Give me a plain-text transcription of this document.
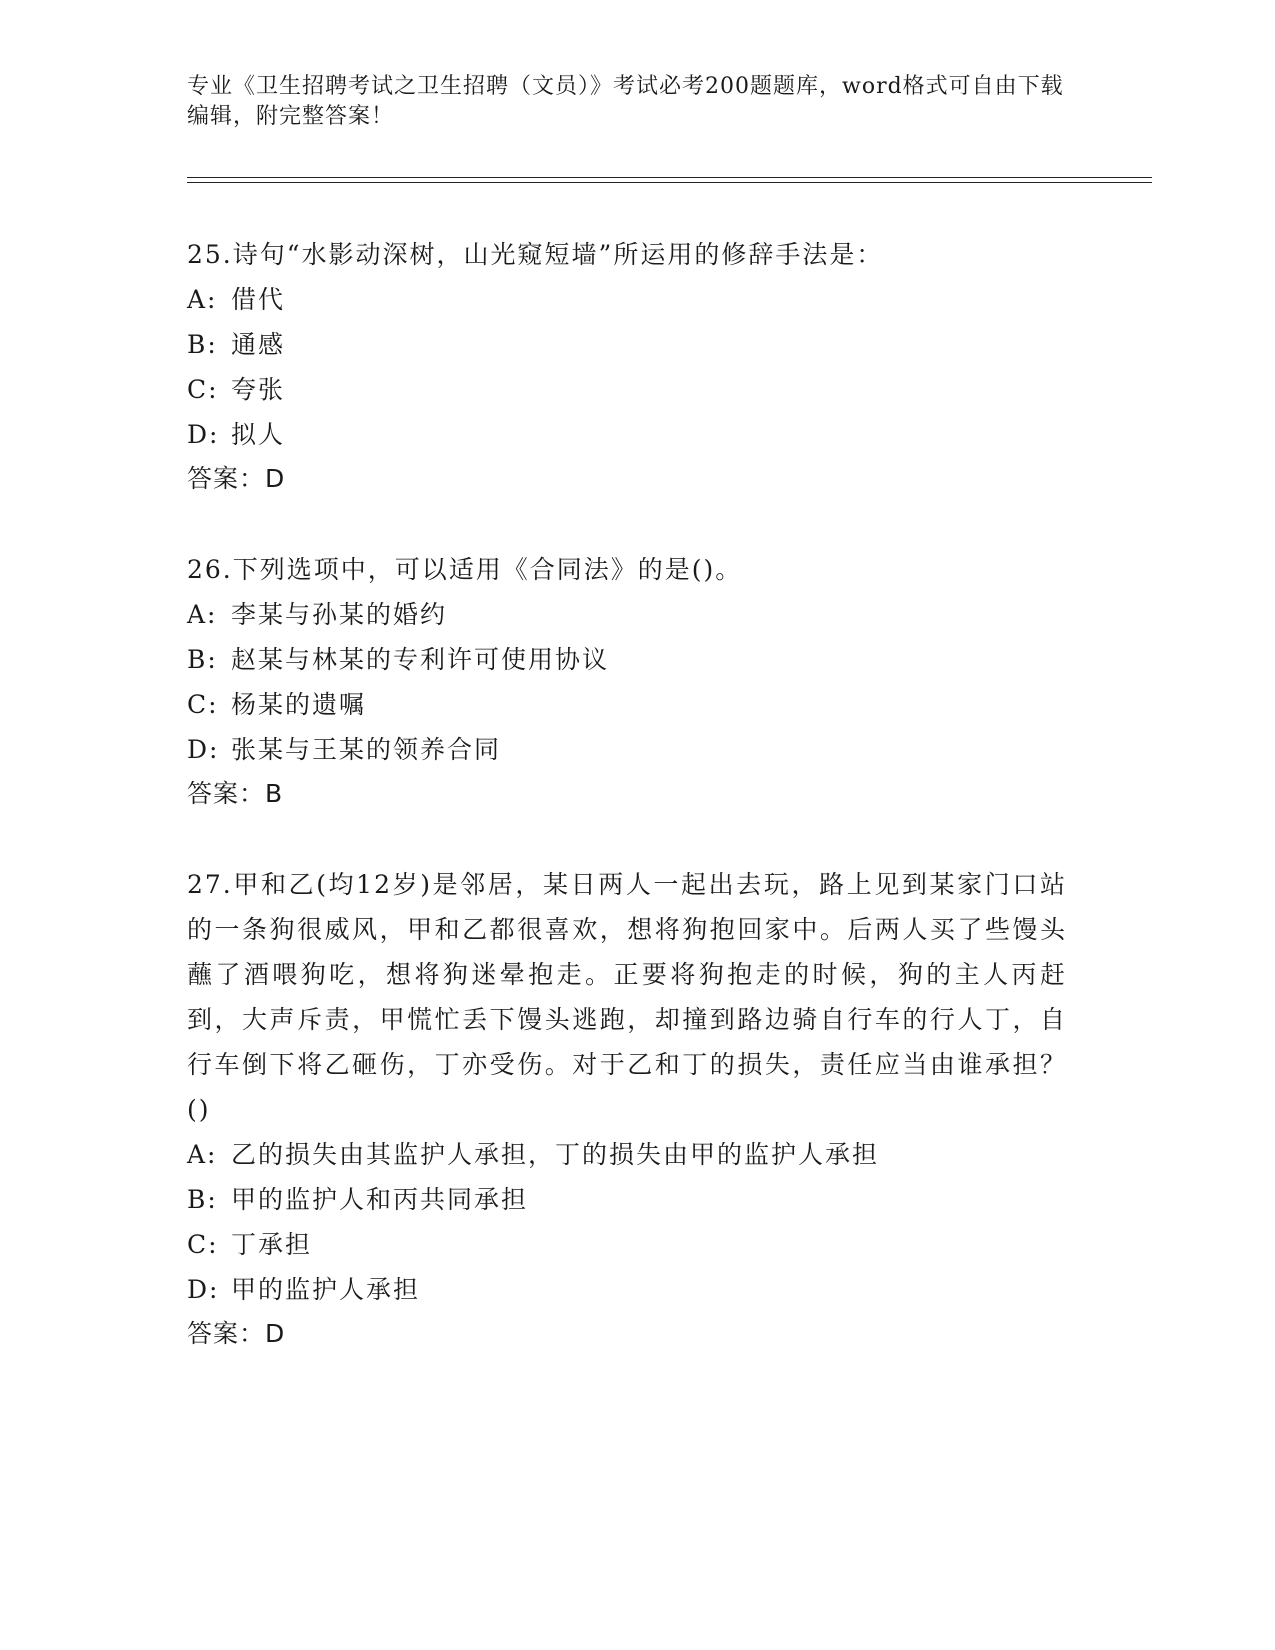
专业《卫生招聘考试之卫生招聘（文员）》考试必考200题题库，word格式可自由下载编辑，附完整答案！
25.诗句“水影动深树，山光窥短墙”所运用的修辞手法是：
A: 借代
B: 通感
C: 夸张
D: 拟人
答案：D
26.下列选项中，可以适用《合同法》的是()。
A: 李某与孙某的婚约
B: 赵某与林某的专利许可使用协议
C: 杨某的遗嘱
D: 张某与王某的领养合同
答案：B
27.甲和乙(均12岁)是邻居，某日两人一起出去玩，路上见到某家门口站的一条狗很威风，甲和乙都很喜欢，想将狗抱回家中。后两人买了些馒头蘸了酒喂狗吃，想将狗迷晕抱走。正要将狗抱走的时候，狗的主人丙赶到，大声斥责，甲慌忙丢下馒头逃跑，却撞到路边骑自行车的行人丁，自行车倒下将乙砸伤，丁亦受伤。对于乙和丁的损失，责任应当由谁承担？()
A: 乙的损失由其监护人承担，丁的损失由甲的监护人承担
B: 甲的监护人和丙共同承担
C: 丁承担
D: 甲的监护人承担
答案：D
